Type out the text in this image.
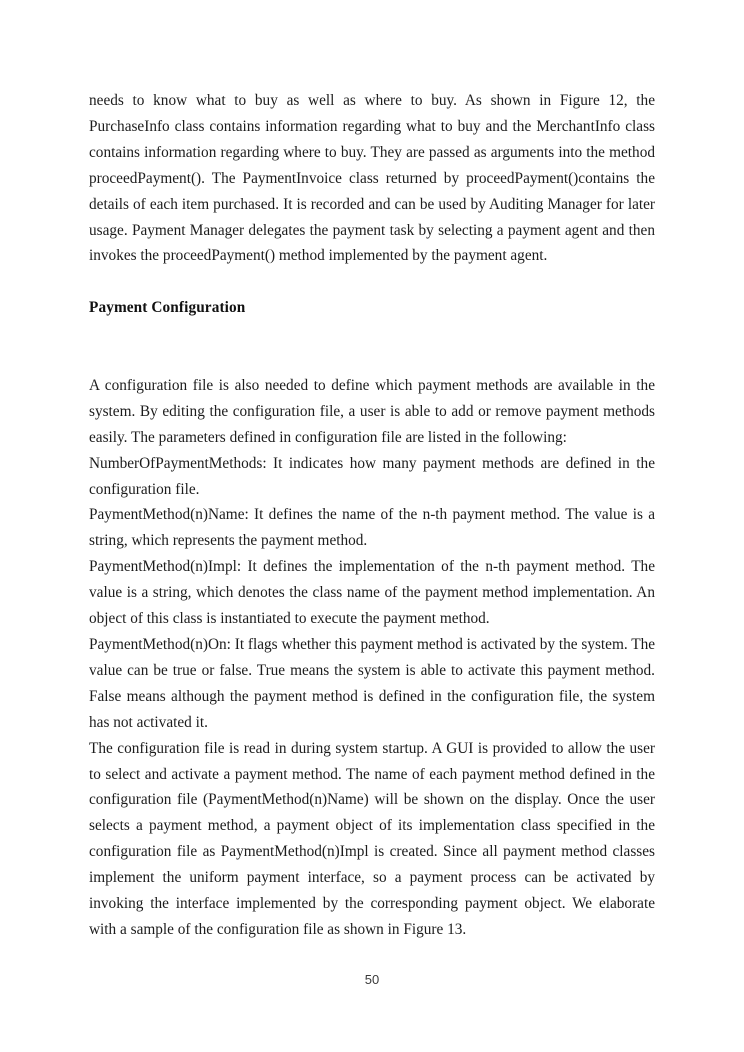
needs to know what to buy as well as where to buy. As shown in Figure 12, the PurchaseInfo class contains information regarding what to buy and the MerchantInfo class contains information regarding where to buy. They are passed as arguments into the method proceedPayment(). The PaymentInvoice class returned by proceedPayment()contains the details of each item purchased. It is recorded and can be used by Auditing Manager for later usage. Payment Manager delegates the payment task by selecting a payment agent and then invokes the proceedPayment() method implemented by the payment agent.

Payment Configuration

A configuration file is also needed to define which payment methods are available in the system. By editing the configuration file, a user is able to add or remove payment methods easily. The parameters defined in configuration file are listed in the following:

NumberOfPaymentMethods: It indicates how many payment methods are defined in the configuration file.

PaymentMethod(n)Name: It defines the name of the n-th payment method. The value is a string, which represents the payment method.

PaymentMethod(n)Impl: It defines the implementation of the n-th payment method. The value is a string, which denotes the class name of the payment method implementation. An object of this class is instantiated to execute the payment method.

PaymentMethod(n)On: It flags whether this payment method is activated by the system. The value can be true or false. True means the system is able to activate this payment method. False means although the payment method is defined in the configuration file, the system has not activated it.

The configuration file is read in during system startup. A GUI is provided to allow the user to select and activate a payment method. The name of each payment method defined in the configuration file (PaymentMethod(n)Name) will be shown on the display. Once the user selects a payment method, a payment object of its implementation class specified in the configuration file as PaymentMethod(n)Impl is created. Since all payment method classes implement the uniform payment interface, so a payment process can be activated by invoking the interface implemented by the corresponding payment object. We elaborate with a sample of the configuration file as shown in Figure 13.

50
